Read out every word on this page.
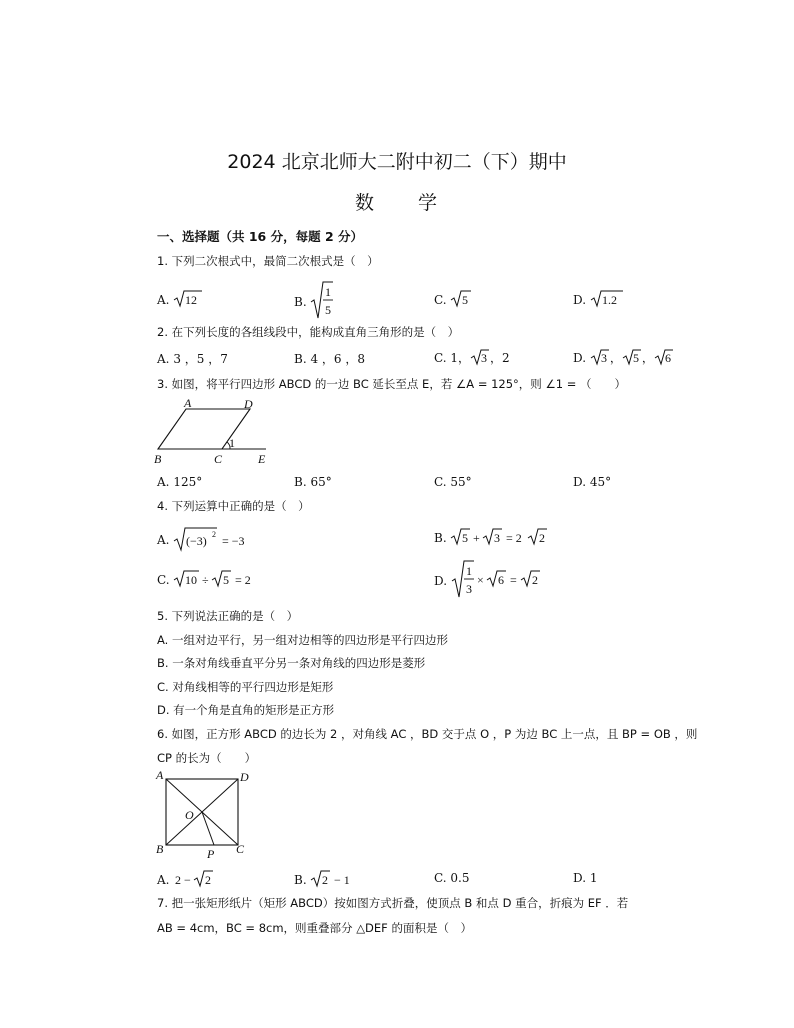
2024 北京北师大二附中初二（下）期中
数　　学
一、选择题（共 16 分，每题 2 分）
1. 下列二次根式中，最简二次根式是（　）
A. 12	B.
1
5
C. 5	D. 1.2
2. 在下列长度的各组线段中，能构成直角三角形的是（　）
A. 3 ，5 ，7	B. 4 ，6 ，8	C. 1， 3 ，2	D. 3 ， 5 ， 6
3. 如图，将平行四边形 ABCD 的一边 BC 延长至点 E，若 ∠A = 125°，则 ∠1 = （　　）
A	D
B	C	E
1
A. 125°	B. 65°	C. 55°	D. 45°
4. 下列运算中正确的是（　）
A. (−3) 2 = −3	B. 5 + 3 = 2 2
C. 10 ÷ 5 = 2	D.
1
3
× 6 = 2
5. 下列说法正确的是（　）
A. 一组对边平行，另一组对边相等的四边形是平行四边形
B. 一条对角线垂直平分另一条对角线的四边形是菱形
C. 对角线相等的平行四边形是矩形
D. 有一个角是直角的矩形是正方形
6. 如图，正方形 ABCD 的边长为 2 ，对角线 AC ，BD 交于点 O ，P 为边 BC 上一点，且 BP = OB ，则
CP 的长为（　　）
A	D
O
B	P C
A. 2 − 2	B. 2 − 1	C. 0.5	D. 1
7. 把一张矩形纸片（矩形 ABCD）按如图方式折叠，使顶点 B 和点 D 重合，折痕为 EF ．若
AB = 4cm，BC = 8cm，则重叠部分 △DEF 的面积是（　）
